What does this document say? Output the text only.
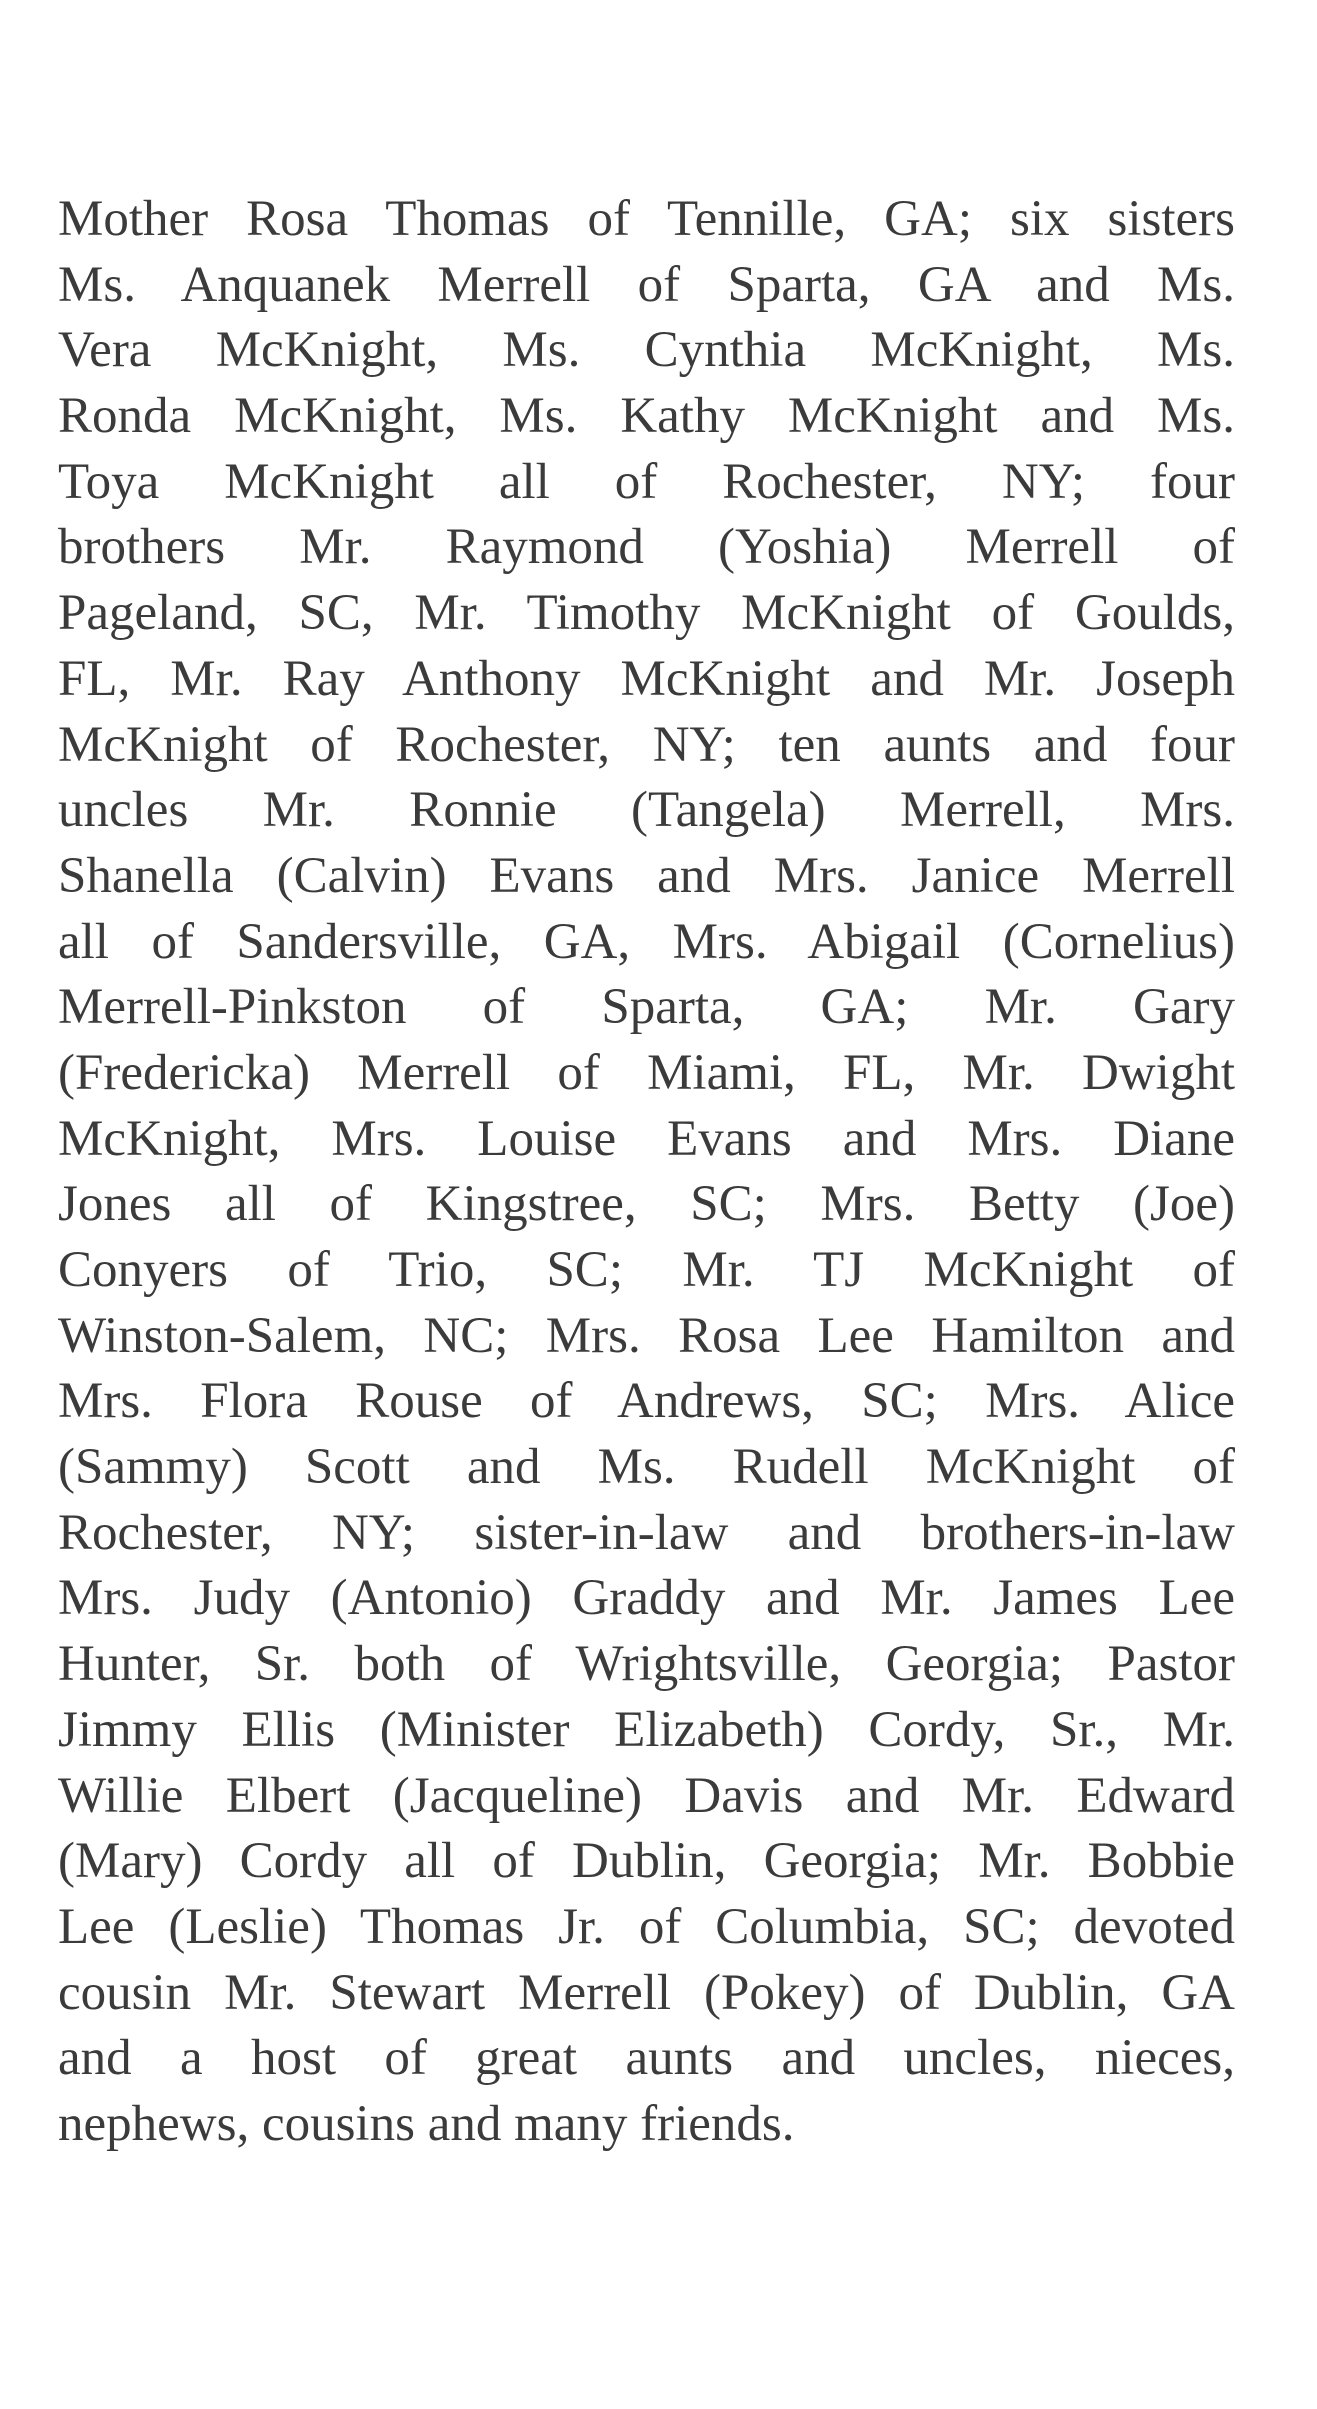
Mother Rosa Thomas of Tennille, GA; six sisters
Ms. Anquanek Merrell of Sparta, GA and Ms.
Vera McKnight, Ms. Cynthia McKnight, Ms.
Ronda McKnight, Ms. Kathy McKnight and Ms.
Toya McKnight all of Rochester, NY; four
brothers Mr. Raymond (Yoshia) Merrell of
Pageland, SC, Mr. Timothy McKnight of Goulds,
FL, Mr. Ray Anthony McKnight and Mr. Joseph
McKnight of Rochester, NY; ten aunts and four
uncles Mr. Ronnie (Tangela) Merrell, Mrs.
Shanella (Calvin) Evans and Mrs. Janice Merrell
all of Sandersville, GA, Mrs. Abigail (Cornelius)
Merrell-Pinkston of Sparta, GA; Mr. Gary
(Fredericka) Merrell of Miami, FL, Mr. Dwight
McKnight, Mrs. Louise Evans and Mrs. Diane
Jones all of Kingstree, SC; Mrs. Betty (Joe)
Conyers of Trio, SC; Mr. TJ McKnight of
Winston-Salem, NC; Mrs. Rosa Lee Hamilton and
Mrs. Flora Rouse of Andrews, SC; Mrs. Alice
(Sammy) Scott and Ms. Rudell McKnight of
Rochester, NY; sister-in-law and brothers-in-law
Mrs. Judy (Antonio) Graddy and Mr. James Lee
Hunter, Sr. both of Wrightsville, Georgia; Pastor
Jimmy Ellis (Minister Elizabeth) Cordy, Sr., Mr.
Willie Elbert (Jacqueline) Davis and Mr. Edward
(Mary) Cordy all of Dublin, Georgia; Mr. Bobbie
Lee (Leslie) Thomas Jr. of Columbia, SC; devoted
cousin Mr. Stewart Merrell (Pokey) of Dublin, GA
and a host of great aunts and uncles, nieces,
nephews, cousins and many friends.
